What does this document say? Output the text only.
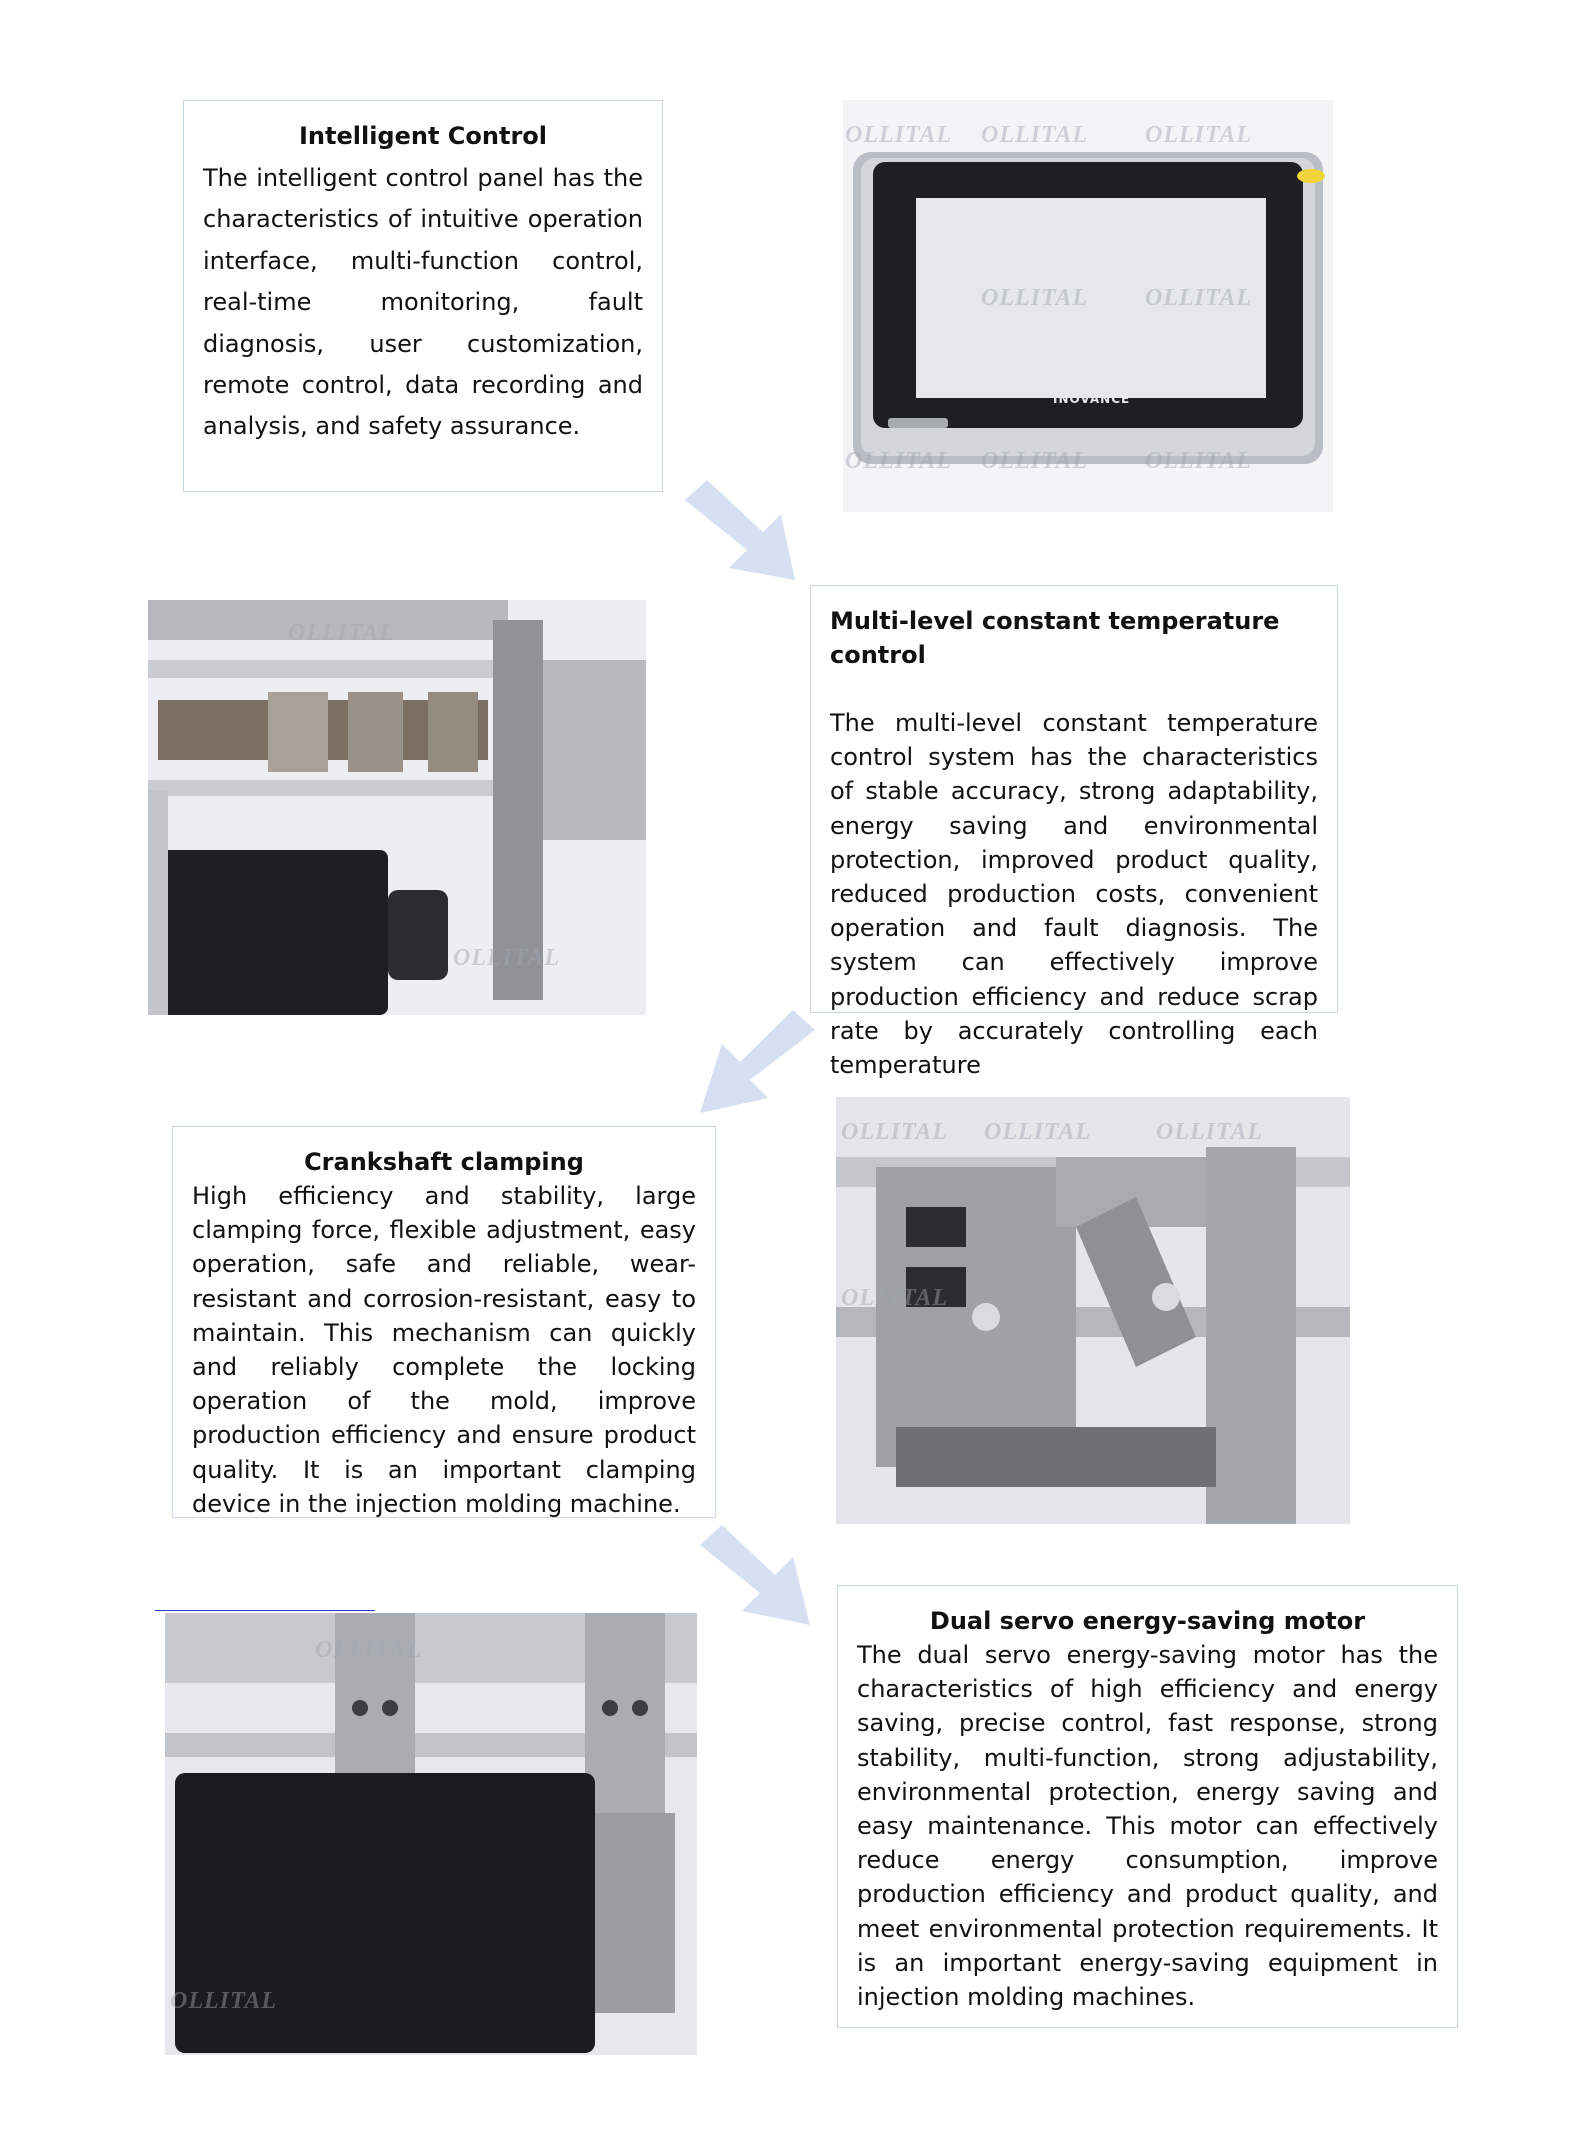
Intelligent Control

The intelligent control panel has the characteristics of intuitive operation interface, multi-function control, real-time monitoring, fault diagnosis, user customization, remote control, data recording and analysis, and safety assurance.

OLLITAL OLLITAL OLLITAL
OLLITAL OLLITAL
OLLITAL OLLITAL OLLITAL
INOVANCE
OLLITAL
OLLITAL

Multi-level constant temperature control

The multi-level constant temperature control system has the characteristics of stable accuracy, strong adaptability, energy saving and environmental protection, improved product quality, reduced production costs, convenient operation and fault diagnosis. The system can effectively improve production efficiency and reduce scrap rate by accurately controlling each temperature

Crankshaft clamping

High efficiency and stability, large clamping force, flexible adjustment, easy operation, safe and reliable, wear-resistant and corrosion-resistant, easy to maintain. This mechanism can quickly and reliably complete the locking operation of the mold, improve production efficiency and ensure product quality. It is an important clamping device in the injection molding machine.

OLLITAL OLLITAL	OLLITAL
OLLITAL
OLLITAL
OLLITAL

Dual servo energy-saving motor

The dual servo energy-saving motor has the characteristics of high efficiency and energy saving, precise control, fast response, strong stability, multi-function, strong adjustability, environmental protection, energy saving and easy maintenance. This motor can effectively reduce energy consumption, improve production efficiency and product quality, and meet environmental protection requirements. It is an important energy-saving equipment in injection molding machines.
